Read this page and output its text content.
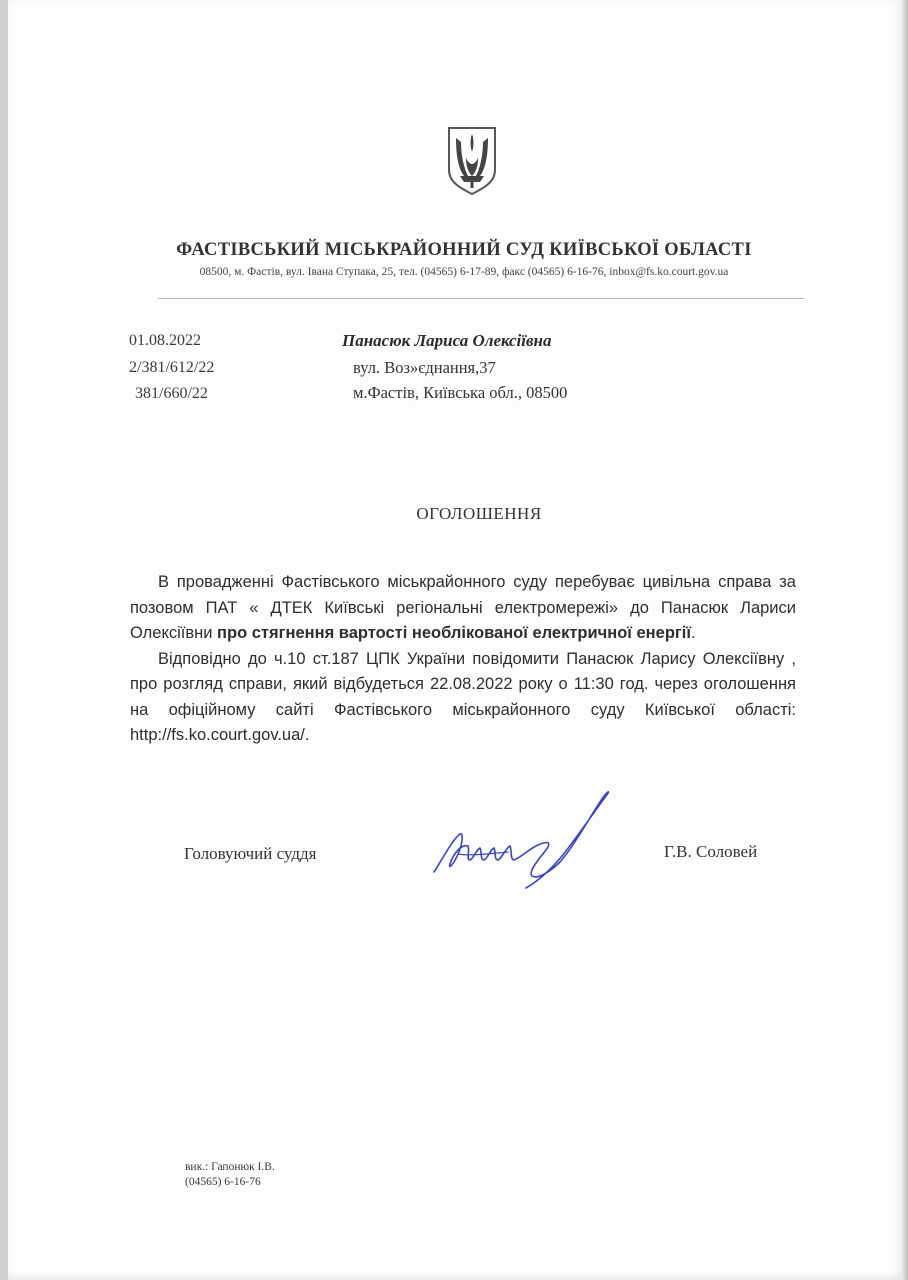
ФАСТІВСЬКИЙ МІСЬКРАЙОННИЙ СУД КИЇВСЬКОЇ ОБЛАСТІ
08500, м. Фастів, вул. Івана Ступака, 25, тел. (04565) 6-17-89, факс (04565) 6-16-76, inbox@fs.ko.court.gov.ua
01.08.2022
2/381/612/22
381/660/22
Панасюк Лариса Олексіївна
вул. Воз»єднання,37
м.Фастів, Київська обл., 08500
ОГОЛОШЕННЯ

В провадженні Фастівського міськрайонного суду перебуває цивільна справа за позовом ПАТ « ДТЕК Київські регіональні електромережі» до Панасюк Лариси Олексіївни про стягнення вартості необлікованої електричної енергії.

Відповідно до ч.10 ст.187 ЦПК України повідомити Панасюк Ларису Олексіївну , про розгляд справи, який відбудеться 22.08.2022 року о 11:30 год. через оголошення на офіційному сайті Фастівського міськрайонного суду Київської області: http://fs.ko.court.gov.ua/.

Головуючий суддя	Г.В. Соловей
вик.: Гапонюк І.В.
(04565) 6-16-76
